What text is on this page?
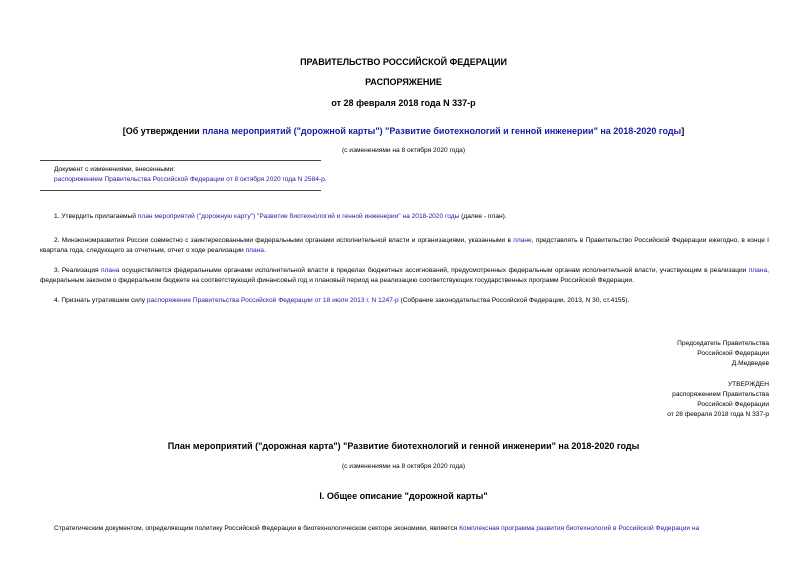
ПРАВИТЕЛЬСТВО РОССИЙСКОЙ ФЕДЕРАЦИИ
РАСПОРЯЖЕНИЕ
от 28 февраля 2018 года N 337-р
[Об утверждении плана мероприятий ("дорожной карты") "Развитие биотехнологий и генной инженерии" на 2018-2020 годы]
(с изменениями на 8 октября 2020 года)
Документ с изменениями, внесенными:
распоряжением Правительства Российской Федерации от 8 октября 2020 года N 2584-р.
1. Утвердить прилагаемый план мероприятий ("дорожную карту") "Развитие биотехнологий и генной инженерии" на 2018-2020 годы (далее - план).
2. Минэкономразвития России совместно с заинтересованными федеральными органами исполнительной власти и организациями, указанными в плане, представлять в Правительство Российской Федерации ежегодно, в конце I квартала года, следующего за отчетным, отчет о ходе реализации плана.
3. Реализация плана осуществляется федеральными органами исполнительной власти в пределах бюджетных ассигнований, предусмотренных федеральным органам исполнительной власти, участвующим в реализации плана, федеральным законом о федеральном бюджете на соответствующий финансовый год и плановый период на реализацию соответствующих государственных программ Российской Федерации.
4. Признать утратившим силу распоряжение Правительства Российской Федерации от 18 июля 2013 г. N 1247-р (Собрание законодательства Российской Федерации, 2013, N 30, ст.4155).
Председатель Правительства
Российской Федерации
Д.Медведев
УТВЕРЖДЕН
распоряжением Правительства
Российской Федерации
от 28 февраля 2018 года N 337-р
План мероприятий ("дорожная карта") "Развитие биотехнологий и генной инженерии" на 2018-2020 годы
(с изменениями на 8 октября 2020 года)
I. Общее описание "дорожной карты"
Стратегическим документом, определяющим политику Российской Федерации в биотехнологическом секторе экономики, является Комплексная программа развития биотехнологий в Российской Федерации на
